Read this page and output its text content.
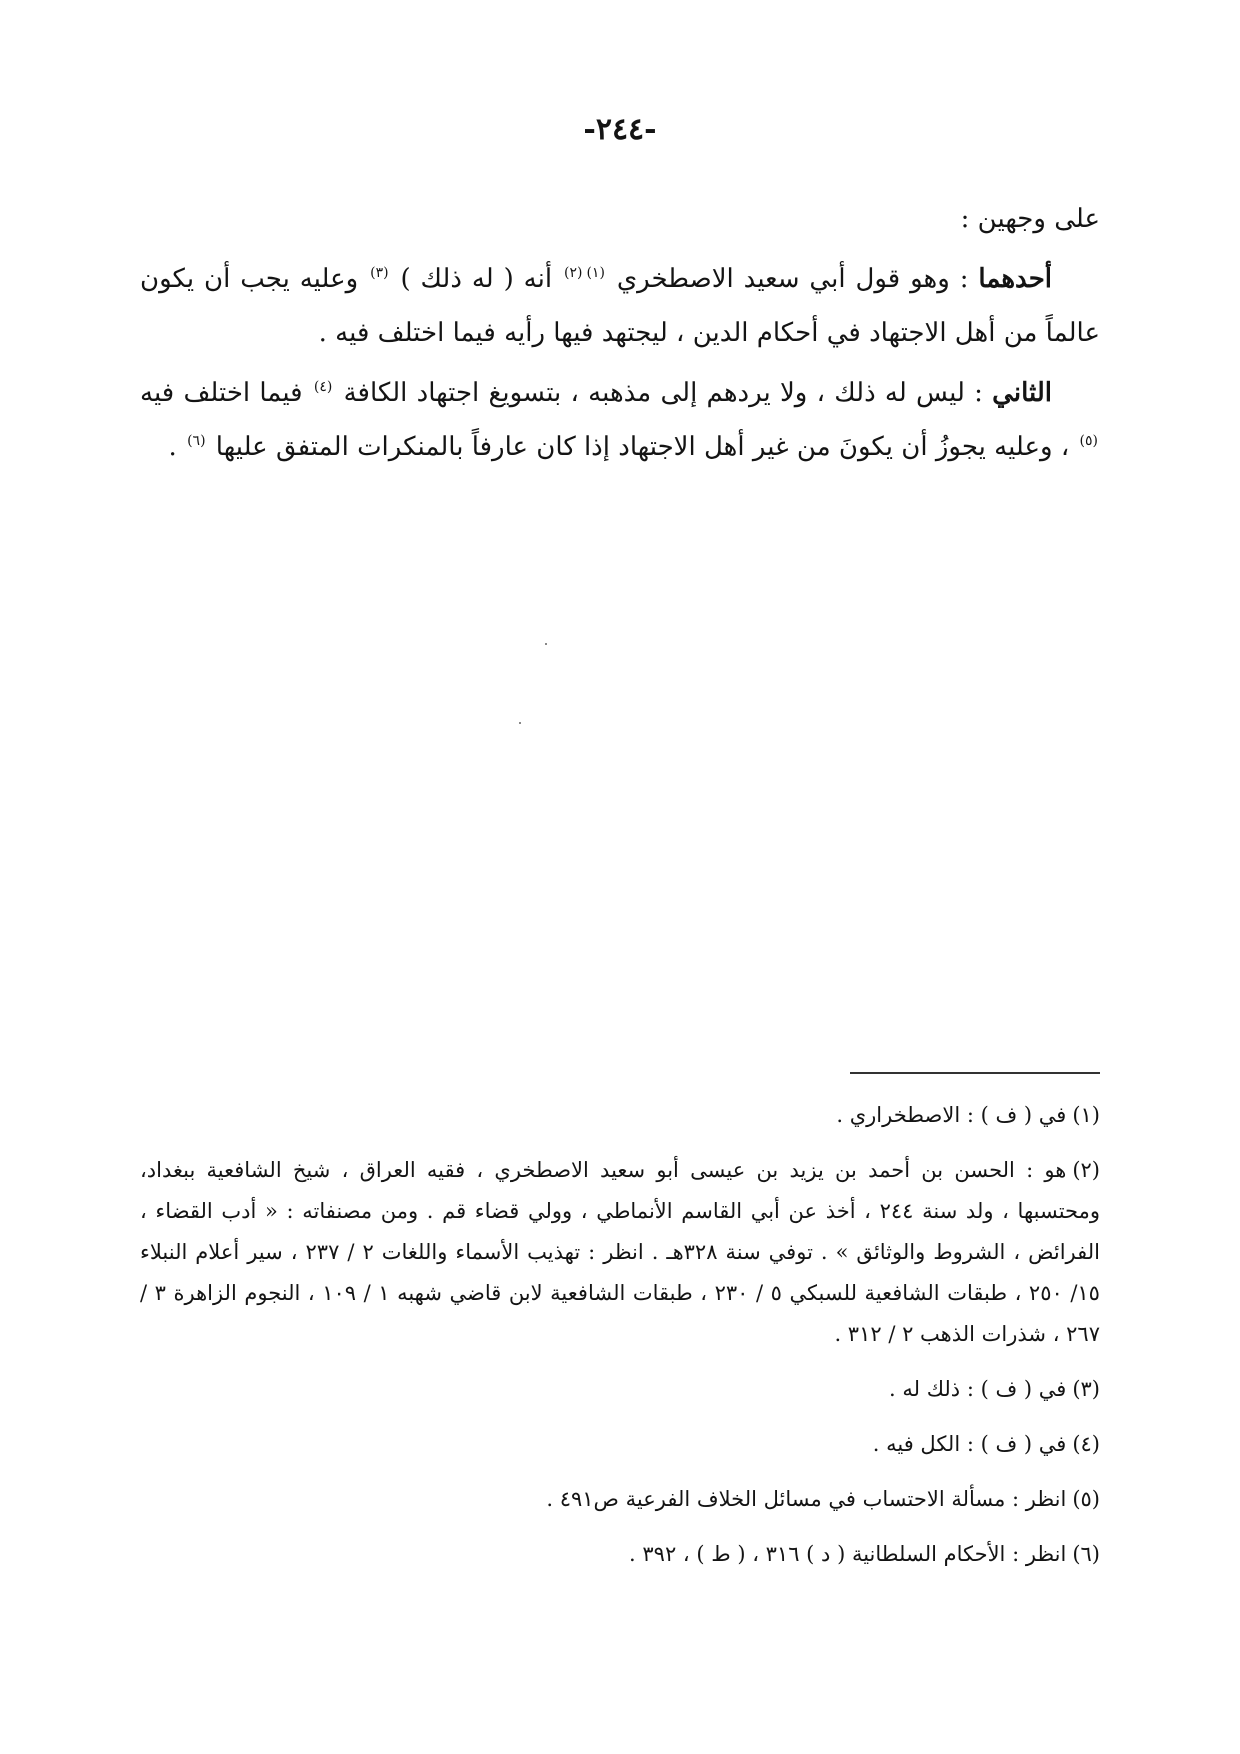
-٢٤٤-

على وجهين :

أحدهما : وهو قول أبي سعيد الاصطخري $^{(١)(٢)}$ أنه ( له ذلك ) $^{(٣)}$ وعليه يجب أن يكون عالماً من أهل الاجتهاد في أحكام الدين ، ليجتهد فيها رأيه فيما اختلف فيه .

الثاني : ليس له ذلك ، ولا يردهم إلى مذهبه ، بتسويغ اجتهاد الكافة $^{(٤)}$ فيما اختلف فيه $^{(٥)}$ ، وعليه يجوزُ أن يكونَ من غير أهل الاجتهاد إذا كان عارفاً بالمنكرات المتفق عليها $^{(٦)}$ .

(١)في ( ف ) : الاصطخراري .

(٢)هو : الحسن بن أحمد بن يزيد بن عيسى أبو سعيد الاصطخري ، فقيه العراق ، شيخ الشافعية ببغداد، ومحتسبها ، ولد سنة ٢٤٤ ، أخذ عن أبي القاسم الأنماطي ، وولي قضاء قم . ومن مصنفاته : « أدب القضاء ، الفرائض ، الشروط والوثائق » . توفي سنة ٣٢٨هـ . انظر : تهذيب الأسماء واللغات ٢ / ٢٣٧ ، سير أعلام النبلاء ١٥/ ٢٥٠ ، طبقات الشافعية للسبكي ٥ / ٢٣٠ ، طبقات الشافعية لابن قاضي شهبه ١ / ١٠٩ ، النجوم الزاهرة ٣ / ٢٦٧ ، شذرات الذهب ٢ / ٣١٢ .

(٣)في ( ف ) : ذلك له .

(٤)في ( ف ) : الكل فيه .

(٥)انظر : مسألة الاحتساب في مسائل الخلاف الفرعية ص٤٩١ .

(٦)انظر : الأحكام السلطانية ( د ) ٣١٦ ، ( ط ) ، ٣٩٢ .
